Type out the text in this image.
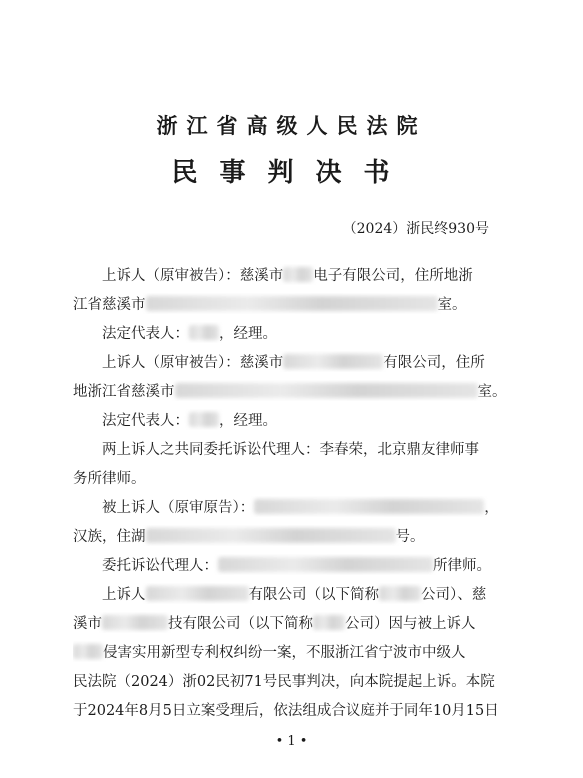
浙江省高级人民法院
民事判决书
（2024）浙民终930号
上诉人（原审被告）：慈溪市 电子有限公司，住所地浙
江省慈溪市	室。
法定代表人： ，经理。
上诉人（原审被告）：慈溪市	有限公司，住所
地浙江省慈溪市	室。
法定代表人： ，经理。
两上诉人之共同委托诉讼代理人：李春荣，北京鼎友律师事
务所律师。
被上诉人（原审原告）：	，
汉族，住湖	号。
委托诉讼代理人：	所律师。
上诉人	有限公司（以下简称	公司）、慈
溪市	技有限公司（以下简称 公司）因与被上诉人
侵害实用新型专利权纠纷一案，不服浙江省宁波市中级人
民法院（2024）浙02民初71号民事判决，向本院提起上诉。本院
于2024年8月5日立案受理后，依法组成合议庭并于同年10月15日
• 1 •
